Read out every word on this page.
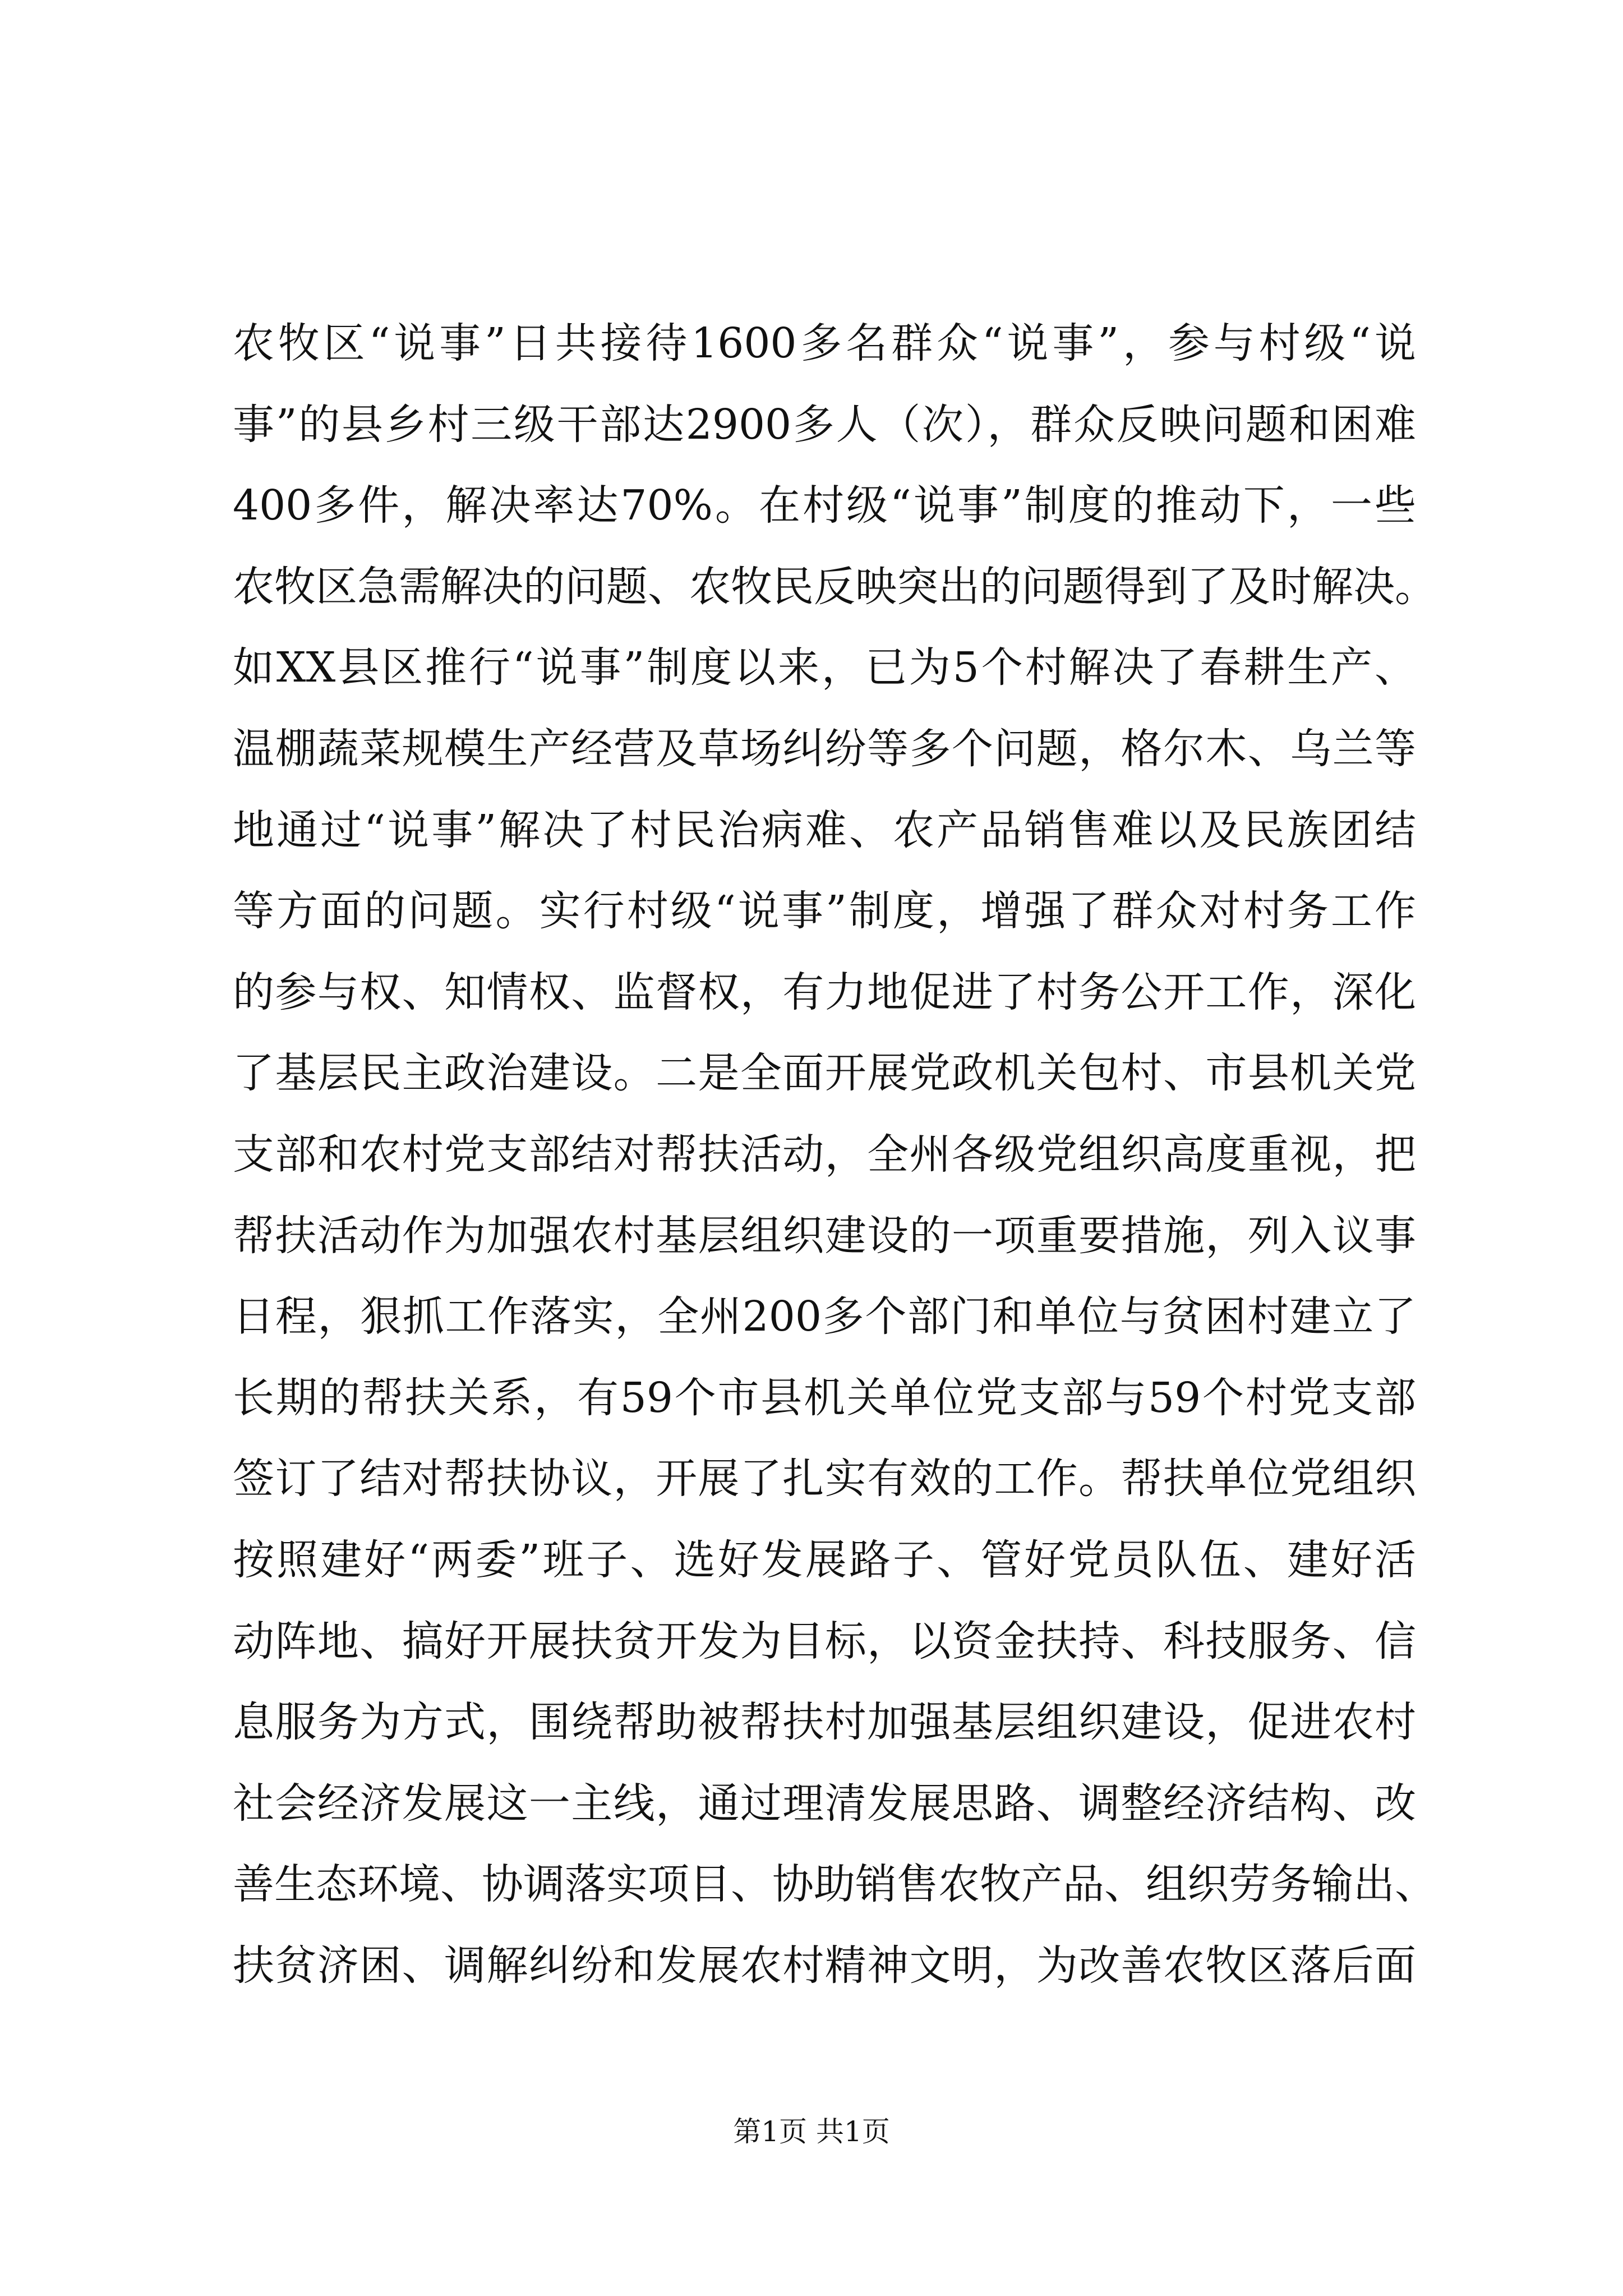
农牧区“说事”日共接待1600多名群众“说事”，参与村级“说
事”的县乡村三级干部达2900多人（次），群众反映问题和困难
400多件，解决率达70%。在村级“说事”制度的推动下，一些
农牧区急需解决的问题、农牧民反映突出的问题得到了及时解决。
如XX县区推行“说事”制度以来，已为5个村解决了春耕生产、
温棚蔬菜规模生产经营及草场纠纷等多个问题，格尔木、乌兰等
地通过“说事”解决了村民治病难、农产品销售难以及民族团结
等方面的问题。实行村级“说事”制度，增强了群众对村务工作
的参与权、知情权、监督权，有力地促进了村务公开工作，深化
了基层民主政治建设。二是全面开展党政机关包村、市县机关党
支部和农村党支部结对帮扶活动，全州各级党组织高度重视，把
帮扶活动作为加强农村基层组织建设的一项重要措施，列入议事
日程，狠抓工作落实，全州200多个部门和单位与贫困村建立了
长期的帮扶关系，有59个市县机关单位党支部与59个村党支部
签订了结对帮扶协议，开展了扎实有效的工作。帮扶单位党组织
按照建好“两委”班子、选好发展路子、管好党员队伍、建好活
动阵地、搞好开展扶贫开发为目标，以资金扶持、科技服务、信
息服务为方式，围绕帮助被帮扶村加强基层组织建设，促进农村
社会经济发展这一主线，通过理清发展思路、调整经济结构、改
善生态环境、协调落实项目、协助销售农牧产品、组织劳务输出、
扶贫济困、调解纠纷和发展农村精神文明，为改善农牧区落后面
第1页 共1页
